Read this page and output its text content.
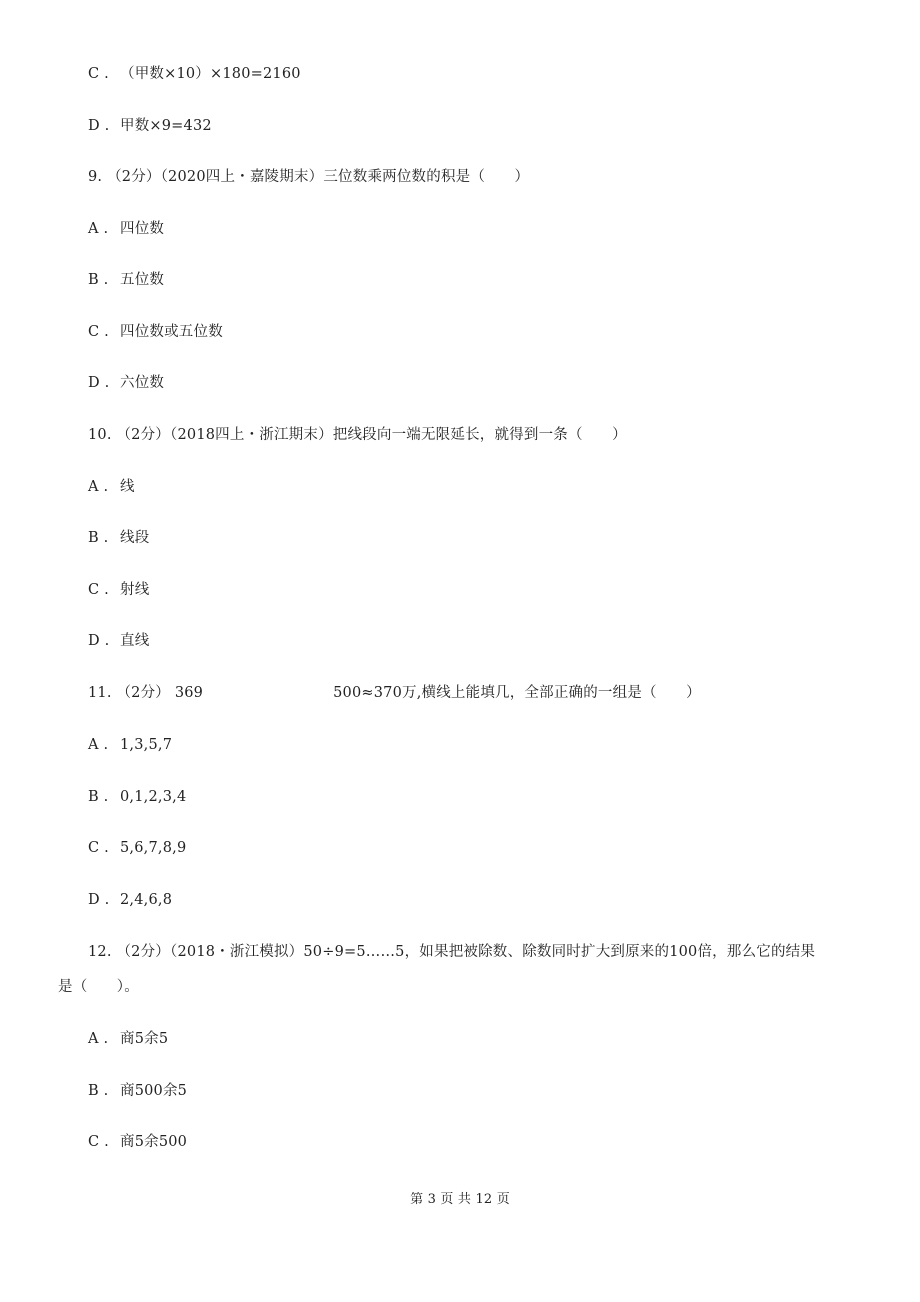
C . （甲数×10）×180=2160
D . 甲数×9=432
9. （2分）（2020四上・嘉陵期末）三位数乘两位数的积是（　　）
A . 四位数
B . 五位数
C . 四位数或五位数
D . 六位数
10. （2分）（2018四上・浙江期末）把线段向一端无限延长，就得到一条（　　）
A . 线
B . 线段
C . 射线
D . 直线
11. （2分） 369	500≈370万,横线上能填几，全部正确的一组是（　　）
A . 1,3,5,7
B . 0,1,2,3,4
C . 5,6,7,8,9
D . 2,4,6,8
12. （2分）（2018・浙江模拟）50÷9=5……5，如果把被除数、除数同时扩大到原来的100倍，那么它的结果
是（　　）。
A . 商5余5
B . 商500余5
C . 商5余500
第 3 页 共 12 页
